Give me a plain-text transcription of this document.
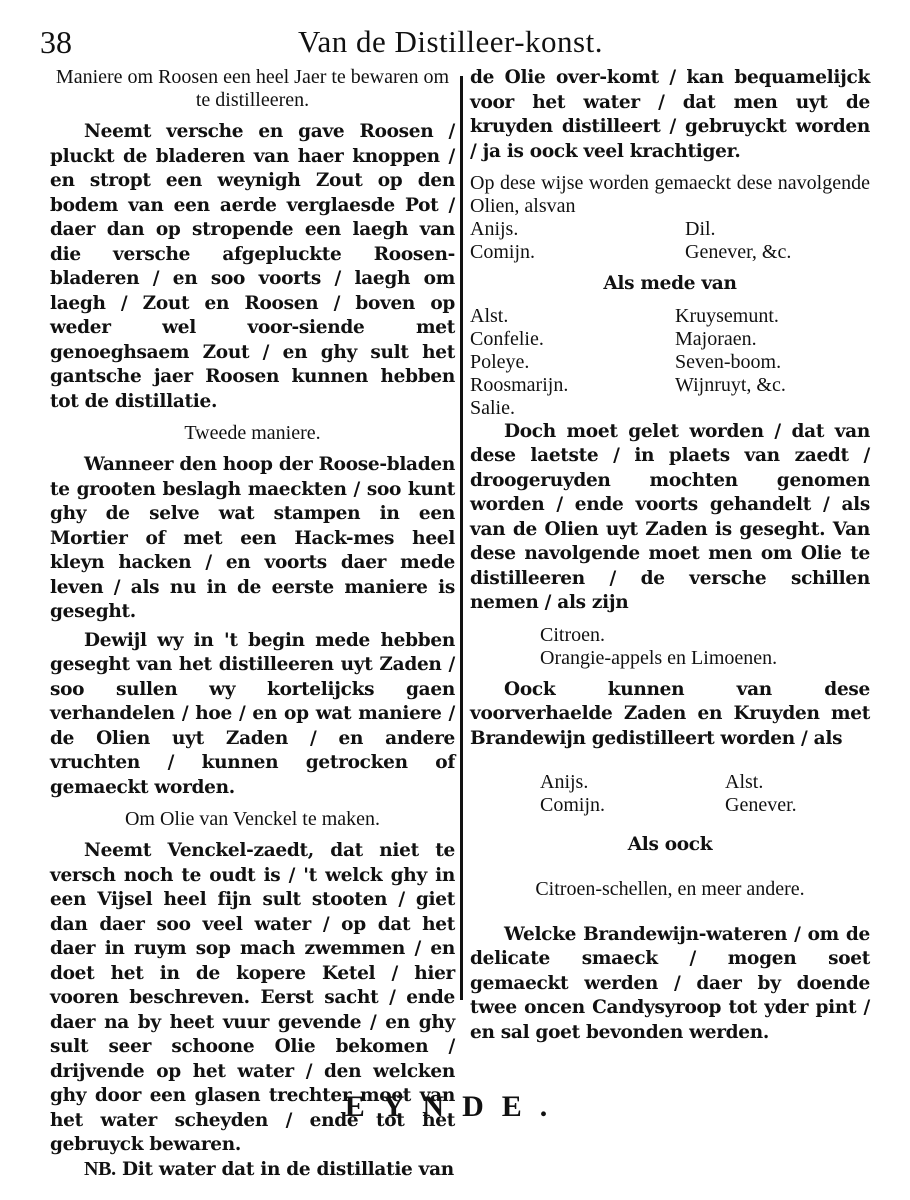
38	Van de Distilleer-konst.

Maniere om Roosen een heel Jaer te bewaren om te distilleeren.

Neemt versche en gave Roosen / pluckt de bladeren van haer knoppen / en stropt een weynigh Zout op den bodem van een aerde verglaesde Pot / daer dan op stropende een laegh van die versche afgepluckte Roosen-bladeren / en soo voorts / laegh om laegh / Zout en Roosen / boven op weder wel voor-siende met genoeghsaem Zout / en ghy sult het gantsche jaer Roosen kunnen hebben tot de distillatie.

Tweede maniere.

Wanneer den hoop der Roose-bladen te grooten beslagh maeckten / soo kunt ghy de selve wat stampen in een Mortier of met een Hack-mes heel kleyn hacken / en voorts daer mede leven / als nu in de eerste maniere is geseght.

Dewijl wy in 't begin mede hebben geseght van het distilleeren uyt Zaden / soo sullen wy kortelijcks gaen verhandelen / hoe / en op wat maniere / de Olien uyt Zaden / en andere vruchten / kunnen getrocken of gemaeckt worden.

Om Olie van Venckel te maken.

Neemt Venckel-zaedt, dat niet te versch noch te oudt is / 't welck ghy in een Vijsel heel fijn sult stooten / giet dan daer soo veel water / op dat het daer in ruym sop mach zwemmen / en doet het in de kopere Ketel / hier vooren beschreven. Eerst sacht / ende daer na by heet vuur gevende / en ghy sult seer schoone Olie bekomen / drijvende op het water / den welcken ghy door een glasen trechter moet van het water scheyden / ende tot het gebruyck bewaren.

NB. Dit water dat in de distillatie van

de Olie over-komt / kan bequamelijck voor het water / dat men uyt de kruyden distilleert / gebruyckt worden / ja is oock veel krachtiger.

Op dese wijse worden gemaeckt dese navolgende Olien, alsvan

Anijs.
Comijn.
Dil.
Genever, &c.

Als mede van

Alst.
Confelie.
Poleye.
Roosmarijn.
Salie.
Kruysemunt.
Majoraen.
Seven-boom.
Wijnruyt, &c.

Doch moet gelet worden / dat van dese laetste / in plaets van zaedt / droogeruyden mochten genomen worden / ende voorts gehandelt / als van de Olien uyt Zaden is geseght. Van dese navolgende moet men om Olie te distilleeren / de versche schillen nemen / als zijn

Citroen.
Orangie-appels en Limoenen.

Oock kunnen van dese voorverhaelde Zaden en Kruyden met Brandewijn gedistilleert worden / als

Anijs.
Comijn.
Alst.
Genever.

Als oock

Citroen-schellen, en meer andere.

Welcke Brandewijn-wateren / om de delicate smaeck / mogen soet gemaeckt werden / daer by doende twee oncen Candysyroop tot yder pint / en sal goet bevonden werden.

EYNDE.
